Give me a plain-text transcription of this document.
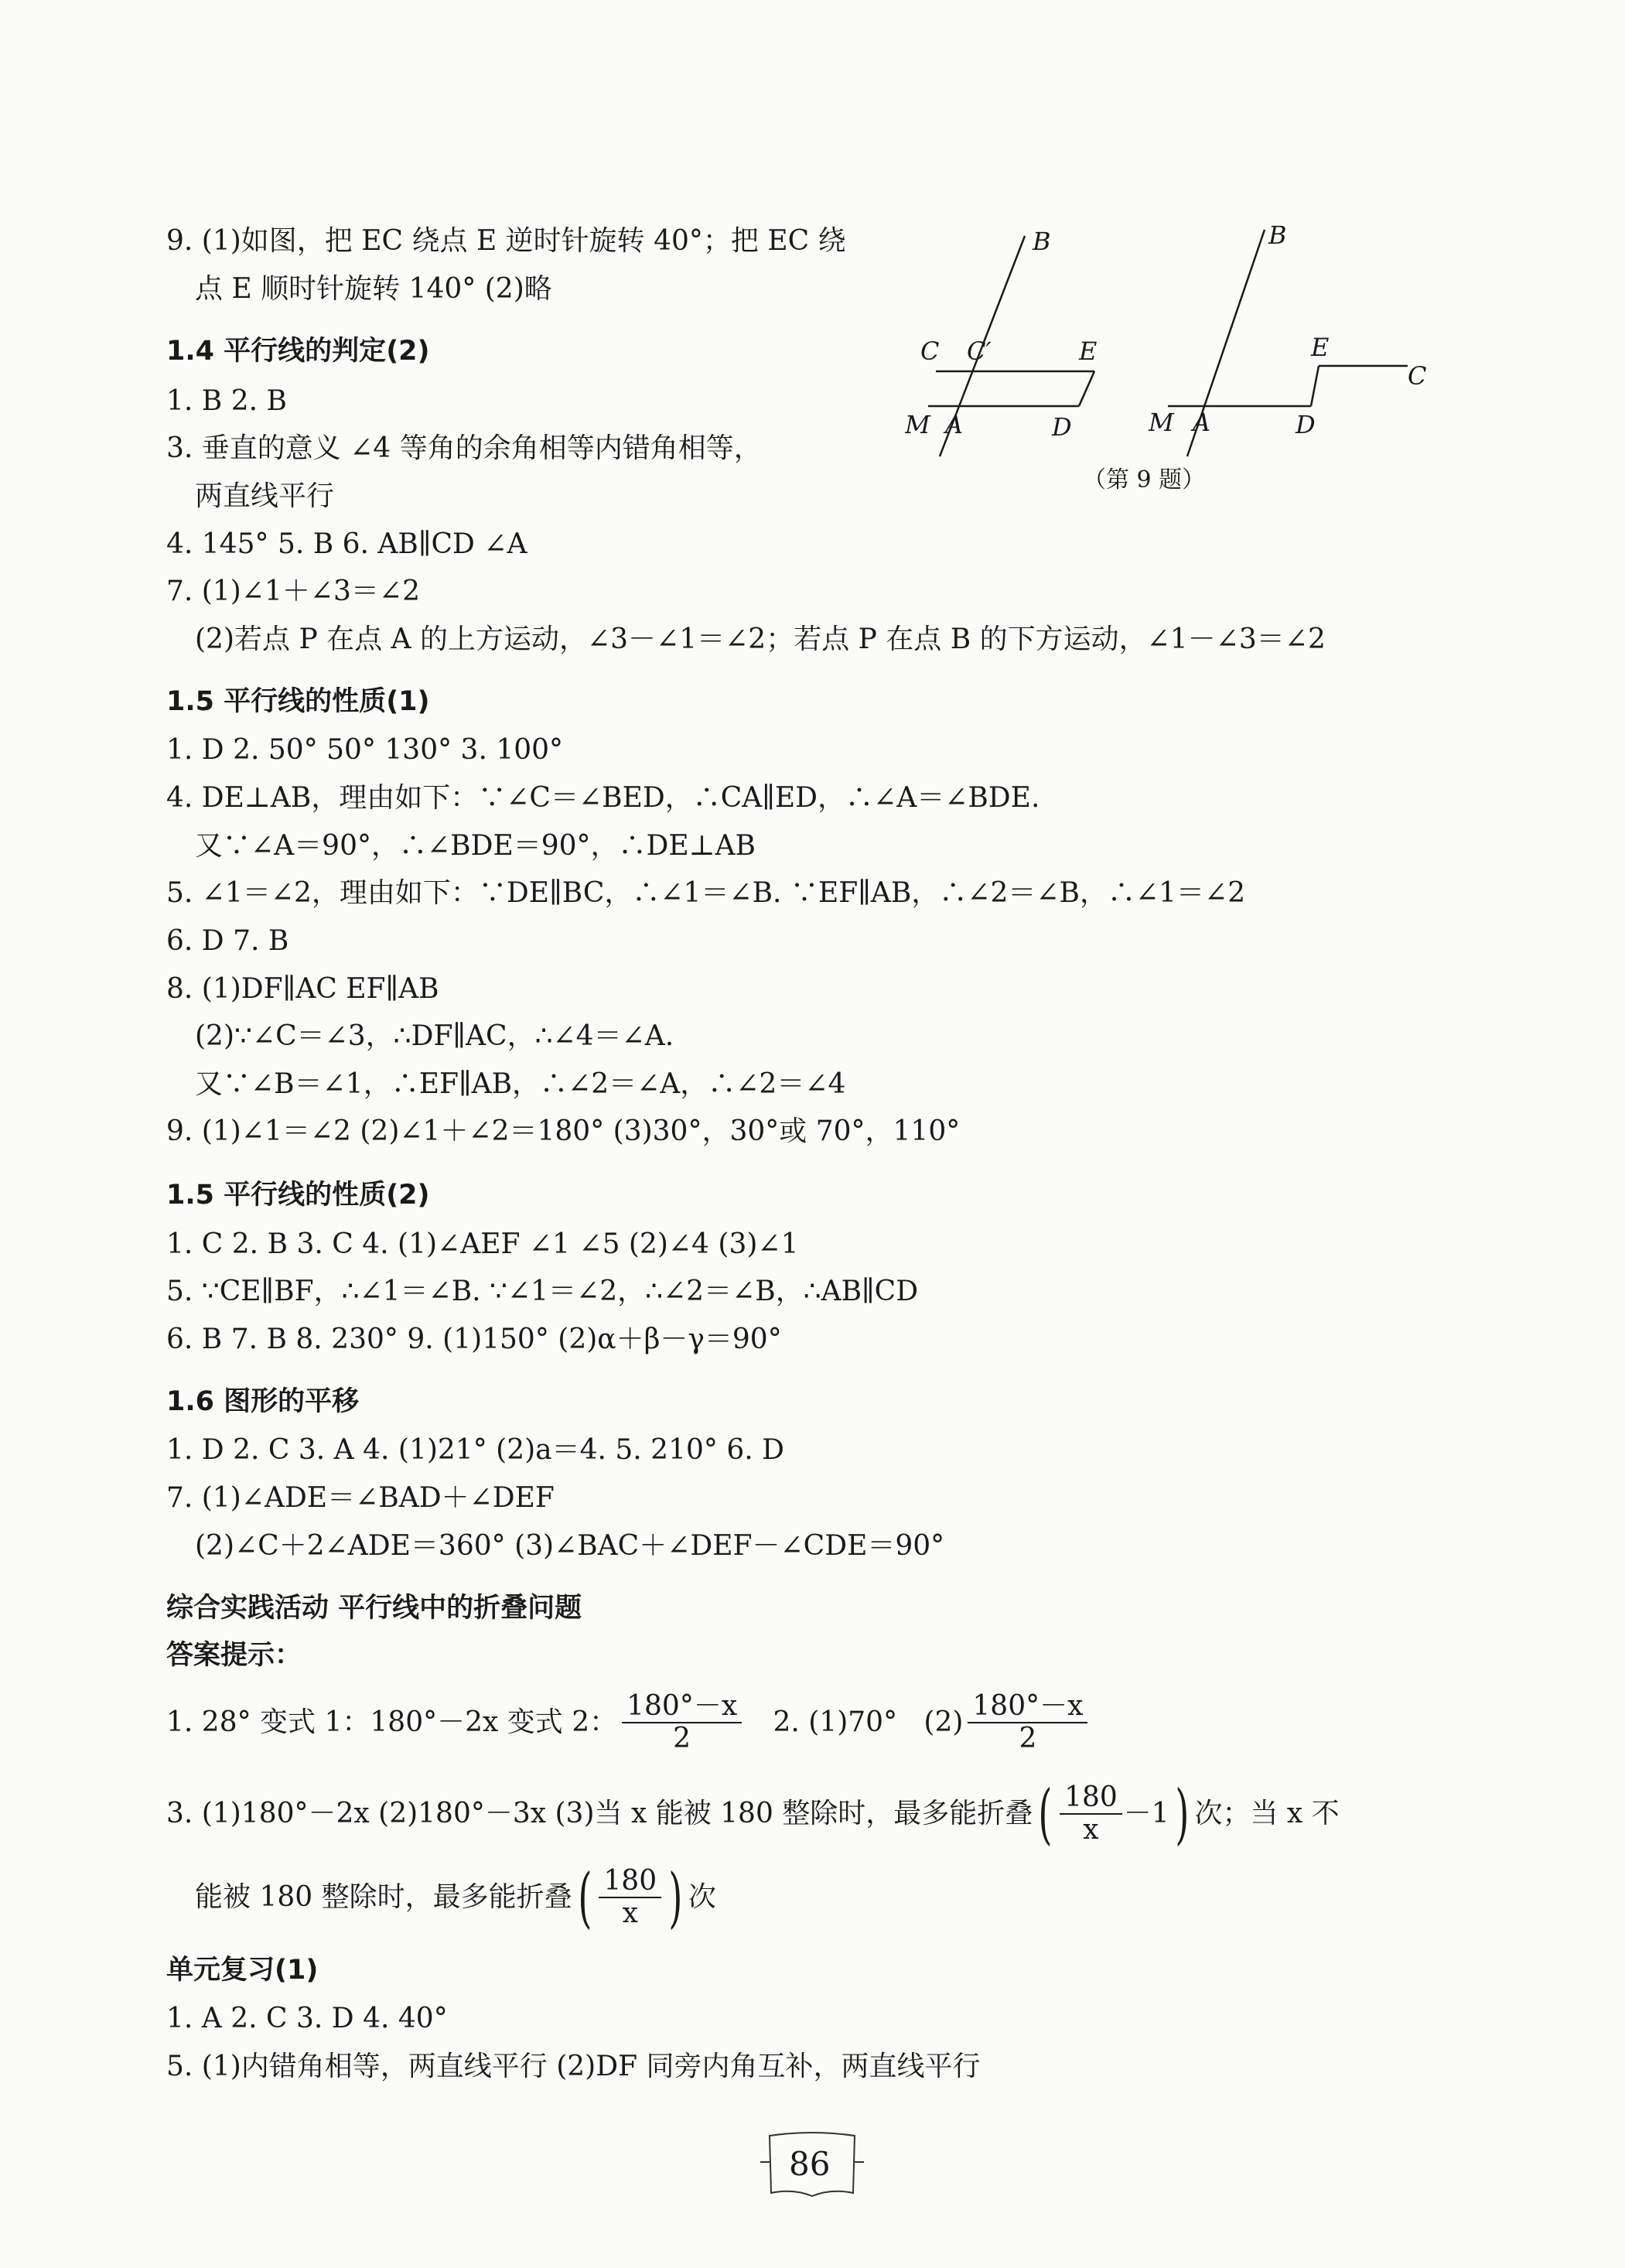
9. (1)如图，把 EC 绕点 E 逆时针旋转 40°；把 EC 绕
点 E 顺时针旋转 140° (2)略
B
C C′	E
M A	D
B
E
C
M A	D
（第 9 题）
1.4 平行线的判定(2)
1. B 2. B
3. 垂直的意义 ∠4 等角的余角相等内错角相等，
两直线平行
4. 145° 5. B 6. AB∥CD ∠A
7. (1)∠1＋∠3＝∠2
(2)若点 P 在点 A 的上方运动，∠3－∠1＝∠2；若点 P 在点 B 的下方运动，∠1－∠3＝∠2
1.5 平行线的性质(1)
1. D 2. 50° 50° 130° 3. 100°
4. DE⊥AB，理由如下：∵∠C＝∠BED，∴CA∥ED，∴∠A＝∠BDE.
又∵∠A＝90°，∴∠BDE＝90°，∴DE⊥AB
5. ∠1＝∠2，理由如下：∵DE∥BC，∴∠1＝∠B. ∵EF∥AB，∴∠2＝∠B，∴∠1＝∠2
6. D 7. B
8. (1)DF∥AC EF∥AB
(2)∵∠C＝∠3，∴DF∥AC，∴∠4＝∠A.
又∵∠B＝∠1，∴EF∥AB，∴∠2＝∠A，∴∠2＝∠4
9. (1)∠1＝∠2 (2)∠1＋∠2＝180° (3)30°，30°或 70°，110°
1.5 平行线的性质(2)
1. C 2. B 3. C 4. (1)∠AEF ∠1 ∠5 (2)∠4 (3)∠1
5. ∵CE∥BF，∴∠1＝∠B. ∵∠1＝∠2，∴∠2＝∠B，∴AB∥CD
6. B 7. B 8. 230° 9. (1)150° (2)α＋β－γ＝90°
1.6 图形的平移
1. D 2. C 3. A 4. (1)21° (2)a＝4. 5. 210° 6. D
7. (1)∠ADE＝∠BAD＋∠DEF
(2)∠C＋2∠ADE＝360° (3)∠BAC＋∠DEF－∠CDE＝90°
综合实践活动 平行线中的折叠问题
答案提示：
1. 28° 变式 1：180°－2x 变式 2： $\frac{180^\circ-x}{2} 2$. (1)70°   $(2) \frac{180^\circ-x}{2}$
3. (1)180°－2x (2)180°－3x (3)当 x 能被 180 整除时，最多能折叠 ( $\frac{180}{x} -1$ ) 次；当 x 不
能被 180 整除时，最多能折叠 ( $\frac{180}{x}$ ) 次
单元复习(1)
1. A 2. C 3. D 4. 40°
5. (1)内错角相等，两直线平行 (2)DF 同旁内角互补，两直线平行
86
